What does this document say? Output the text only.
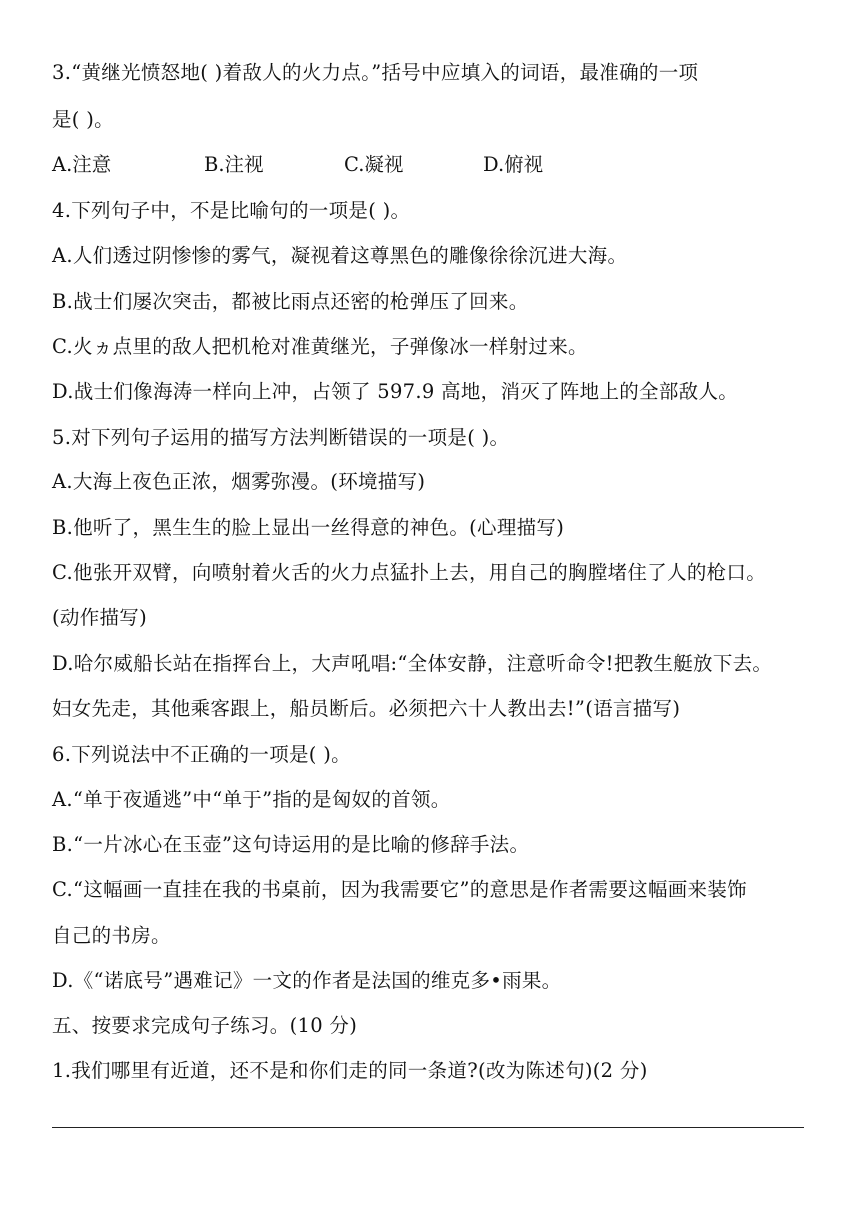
3.“黄继光愤怒地( )着敌人的火力点。”括号中应填入的词语，最准确的一项
是( )。
A.注意	B.注视	C.凝视	D.俯视
4.下列句子中，不是比喻句的一项是( )。
A.人们透过阴惨惨的雾气，凝视着这尊黑色的雕像徐徐沉进大海。
B.战士们屡次突击，都被比雨点还密的枪弹压了回来。
C.火ヵ点里的敌人把机枪对准黄继光，子弹像冰一样射过来。
D.战士们像海涛一样向上冲，占领了 597.9 高地，消灭了阵地上的全部敌人。
5.对下列句子运用的描写方法判断错误的一项是( )。
A.大海上夜色正浓，烟雾弥漫。(环境描写)
B.他听了，黑生生的脸上显出一丝得意的神色。(心理描写)
C.他张开双臂，向喷射着火舌的火力点猛扑上去，用自己的胸膛堵住了人的枪口。
(动作描写)
D.哈尔威船长站在指挥台上，大声吼唱:“全体安静，注意听命令!把教生艇放下去。
妇女先走，其他乘客跟上，船员断后。必须把六十人教出去!”(语言描写)
6.下列说法中不正确的一项是( )。
A.“单于夜遁逃”中“单于”指的是匈奴的首领。
B.“一片冰心在玉壶”这句诗运用的是比喻的修辞手法。
C.“这幅画一直挂在我的书桌前，因为我需要它”的意思是作者需要这幅画来装饰
自己的书房。
D.《“诺底号”遇难记》一文的作者是法国的维克多•雨果。
五、按要求完成句子练习。(10 分)
1.我们哪里有近道，还不是和你们走的同一条道?(改为陈述句)(2 分)
